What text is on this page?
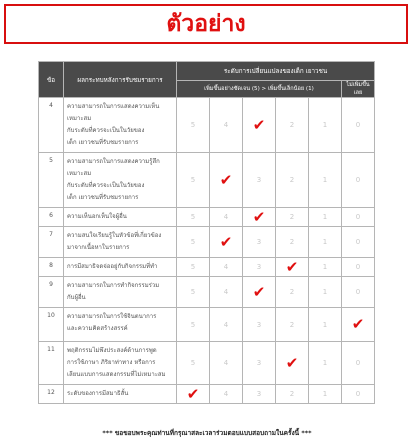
ตัวอย่าง
ข้อ	ผลกระทบหลังการรับชมรายการ	ระดับการเปลี่ยนแปลงของเด็ก เยาวชน					
		เพิ่มขึ้นอย่างชัดเจน (5) > เพิ่มขึ้นเล็กน้อย (1)					ไม่เพิ่มขึ้นเลย
4	ความสามารถในการแสดงความเห็น
เหมาะสม
กับระดับที่ควรจะเป็นในวัยของ
เด็ก เยาวชนที่รับชมรายการ	5	4	✔	2	1	0
5	ความสามารถในการแสดงความรู้สึก
เหมาะสม
กับระดับที่ควรจะเป็นในวัยของ
เด็ก เยาวชนที่รับชมรายการ	5	✔	3	2	1	0
6	ความเห็นอกเห็นใจผู้อื่น	5	4	✔	2	1	0
7	ความสนใจเรียนรู้ในหัวข้อที่เกี่ยวข้อง
มาจากเนื้อหาในรายการ	5	✔	3	2	1	0
8	การมีสมาธิจดจ่ออยู่กับกิจกรรมที่ทำ	5	4	3	✔	1	0
9	ความสามารถในการทำกิจกรรมร่วม
กับผู้อื่น	5	4	✔	2	1	0
10	ความสามารถในการใช้จินตนาการ
และความคิดสร้างสรรค์	5	4	3	2	1	✔
11	พฤติกรรมไม่พึงประสงค์ด้านการพูด
การใช้ภาษา ภิริยาท่าทาง หรือการ
เลียนแบบการแสดงกรรมที่ไม่เหมาะสม	5	4	3	✔	1	0
12	ระดับของการมีสมาธิสั้น	✔	4	3	2	1	0
*** ขอขอบพระคุณท่านที่กรุณาสละเวลาร่วมตอบแบบสอบถามในครั้งนี้ ***
